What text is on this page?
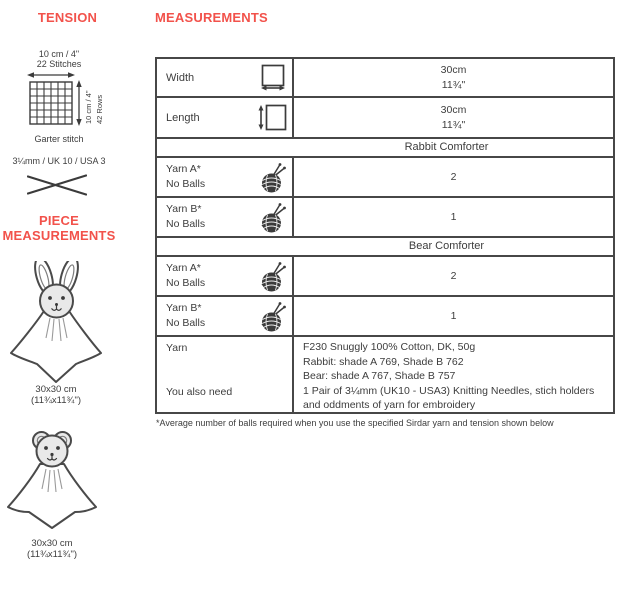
TENSION
10 cm / 4"
22 Stitches
10 cm / 4" 42 Rows
Garter stitch
3¼mm / UK 10 / USA 3
PIECE MEASUREMENTS
30x30 cm
(11¾x11¾")
30x30 cm
(11¾x11¾")
MEASUREMENTS
Width
30cm
11¾"
Length
30cm
11¾"
Rabbit Comforter
Yarn A*
No Balls
2
Yarn B*
No Balls
1
Bear Comforter
Yarn A*
No Balls
2
Yarn B*
No Balls
1
Yarn
You also need
F230 Snuggly 100% Cotton, DK, 50g
Rabbit: shade A 769, Shade B 762
Bear: shade A 767, Shade B 757
1 Pair of 3¼mm (UK10 - USA3) Knitting Needles, stich holders and oddments of yarn for embroidery
*Average number of balls required when you use the specified Sirdar yarn and tension shown below
